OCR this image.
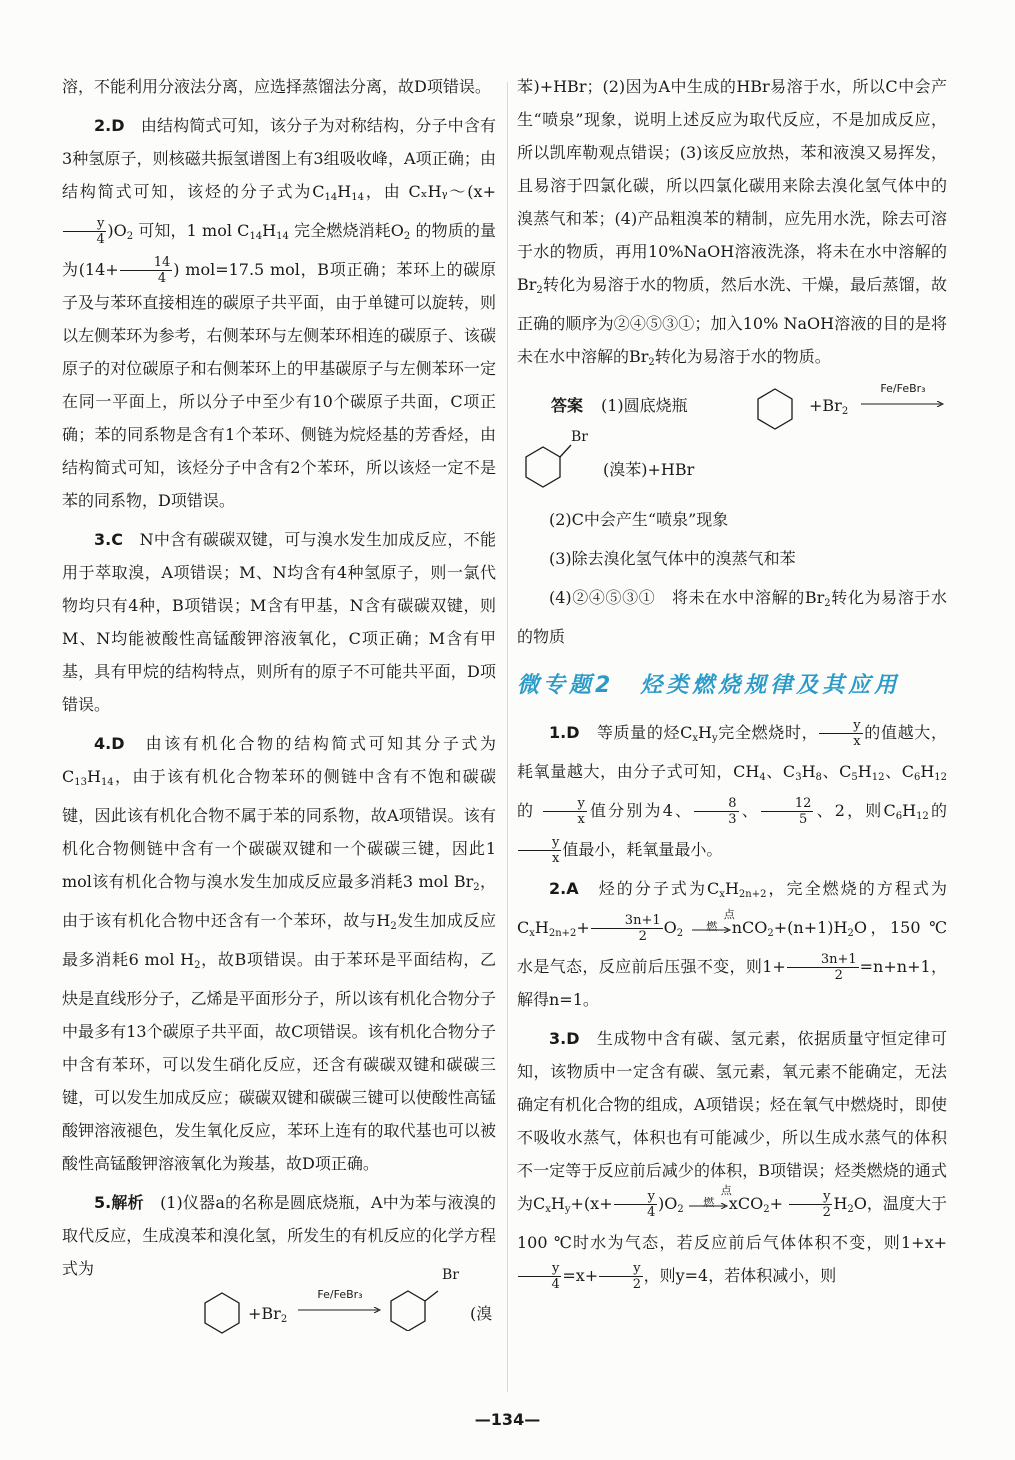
溶，不能利用分液法分离，应选择蒸馏法分离，故D项错误。

2.D　 由结构简式可知，该分子为对称结构，分子中含有3种氢原子，则核磁共振氢谱图上有3组吸收峰，A项正确；由结构简式可知，该烃的分子式为$C_{14}H_{14}$，由 CₓHᵧ～(x+
$\frac{y}{4} )O_2$ 可知，1 mol $C_{14}H_{14}$ 完全燃烧消耗$O_2$ 的物质的量为($14+ \frac{14}{4}$ ) mol=17.5 mol，B项正确；苯环上的碳原子及与苯环直接相连的碳原子共平面，由于单键可以旋转，则以左侧苯环为参考，右侧苯环与左侧苯环相连的碳原子、该碳原子的对位碳原子和右侧苯环上的甲基碳原子与左侧苯环一定在同一平面上，所以分子中至少有10个碳原子共面，C项正确；苯的同系物是含有1个苯环、侧链为烷烃基的芳香烃，由结构简式可知，该烃分子中含有2个苯环，所以该烃一定不是苯的同系物，D项错误。

3.C　 N中含有碳碳双键，可与溴水发生加成反应，不能用于萃取溴，A项错误；M、N均含有4种氢原子，则一氯代物均只有4种，B项错误；M含有甲基，N含有碳碳双键，则M、N均能被酸性高锰酸钾溶液氧化，C项正确；M含有甲基，具有甲烷的结构特点，则所有的原子不可能共平面，D项错误。

4.D　 由该有机化合物的结构简式可知其分子式为$C_{13}H_{14}$，由于该有机化合物苯环的侧链中含有不饱和碳碳键，因此该有机化合物不属于苯的同系物，故A项错误。该有机化合物侧链中含有一个碳碳双键和一个碳碳三键，因此1 mol该有机化合物与溴水发生加成反应最多消耗3 mol $Br_2$，由于该有机化合物中还含有一个苯环，故与$H_2$发生加成反应最多消耗6 mol $H_2$，故B项错误。由于苯环是平面结构，乙炔是直线形分子，乙烯是平面形分子，所以该有机化合物分子中最多有13个碳原子共平面，故C项错误。该有机化合物分子中含有苯环，可以发生硝化反应，还含有碳碳双键和碳碳三键，可以发生加成反应；碳碳双键和碳碳三键可以使酸性高锰酸钾溶液褪色，发生氧化反应，苯环上连有的取代基也可以被酸性高锰酸钾溶液氧化为羧基，故D项正确。

5.解析　 (1)仪器a的名称是圆底烧瓶，A中为苯与液溴的取代反应，生成溴苯和溴化氢，所发生的有机反应的化学方程式为

$+Br_2$
Fe/FeBr₃
Br
(溴

苯)+HBr；(2)因为A中生成的HBr易溶于水，所以C中会产生“喷泉”现象，说明上述反应为取代反应，不是加成反应，所以凯库勒观点错误；(3)该反应放热，苯和液溴又易挥发，且易溶于四氯化碳，所以四氯化碳用来除去溴化氢气体中的溴蒸气和苯；(4)产品粗溴苯的精制，应先用水洗，除去可溶于水的物质，再用10%NaOH溶液洗涤，将未在水中溶解的$Br_2$转化为易溶于水的物质，然后水洗、干燥，最后蒸馏，故正确的顺序为②④⑤③①；加入10% NaOH溶液的目的是将未在水中溶解的$Br_2$转化为易溶于水的物质。

答案 (1)圆底烧瓶	$+Br_2$
Fe/FeBr₃
Br
(溴苯)+HBr

(2)C中会产生“喷泉”现象

(3)除去溴化氢气体中的溴蒸气和苯

(4)②④⑤③①　将未在水中溶解的$Br_2$转化为易溶于水的物质

微专题2　烃类燃烧规律及其应用

1.D　 等质量的烃$C_xH_y$完全燃烧时， $\frac{y}{x}$ 的值越大，耗氧量越大，由分子式可知，$CH_4$、$C_3H_8$、$C_5H_{12}$、$C_6H_{12}$的 $\frac{y}{x}$ 值分别为4、 $\frac{8}{3}$ 、 $\frac{12}{5}$ 、2，则$C_6H_{12}$的
$\frac{y}{x}$ 值最小，耗氧量最小。

2.A　 烃的分子式为$C_xH_{2n+2}$，完全燃烧的方程式为$C_xH_{2n+2}+ \frac{3n+1}{2} O_2$
点燃 $nCO_2+(n+1)H_2O$，150 ℃水是气态，反应前后压强不变，则$1+ \frac{3n+1}{2} =n+n+1$，解得n=1。

3.D　 生成物中含有碳、氢元素，依据质量守恒定律可知，该物质中一定含有碳、氢元素，氧元素不能确定，无法确定有机化合物的组成，A项错误；烃在氧气中燃烧时，即使不吸收水蒸气，体积也有可能减少，所以生成水蒸气的体积不一定等于反应前后减少的体积，B项错误；烃类燃烧的通式为$C_xH_y+(x+ \frac{y}{4} )O_2$
点燃 $xCO_2+ \frac{y}{2} H_2O$，温度大于100 ℃时水为气态，若反应前后气体体积不变，则1+x+
$\frac{y}{4} =x+ \frac{y}{2}$ ，则y=4，若体积减小，则

—134—
